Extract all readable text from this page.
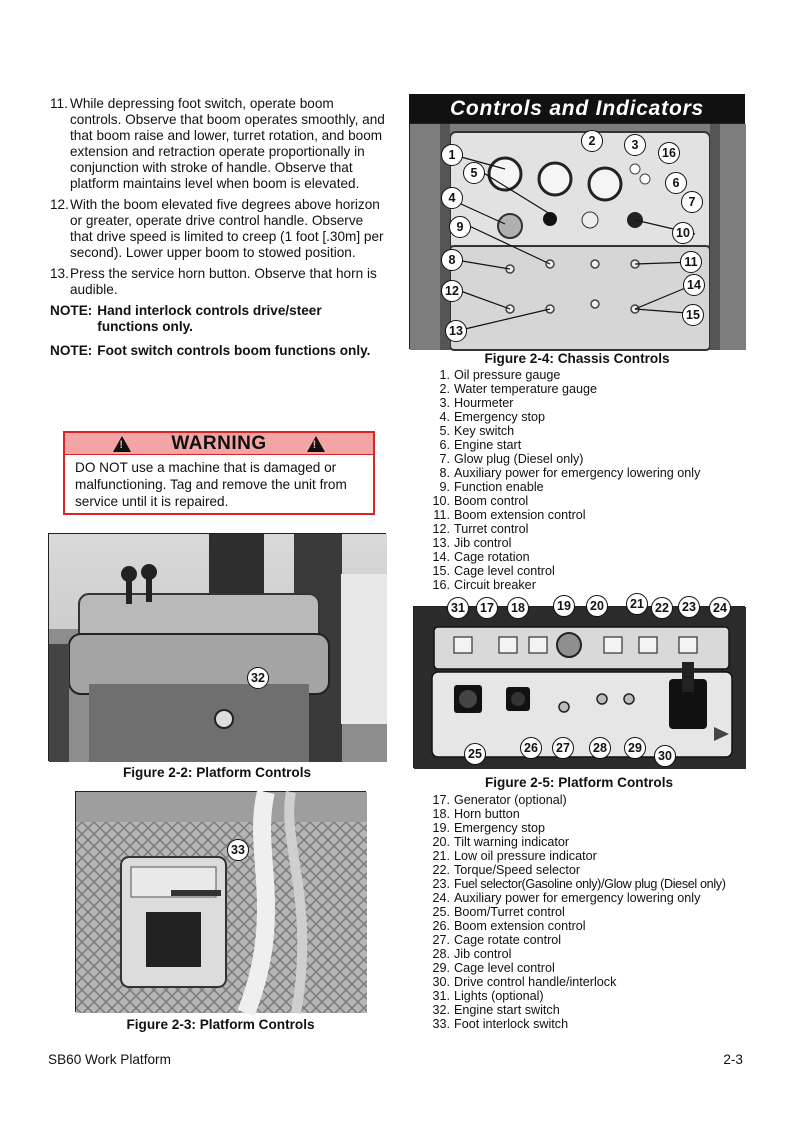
11. While depressing foot switch, operate boom controls. Observe that boom operates smoothly, and that boom raise and lower, turret rotation, and boom extension and retraction operate proportionally in conjunction with stroke of handle. Observe that platform maintains level when boom is elevated.
12. With the boom elevated five degrees above horizon or greater, operate drive control handle. Observe that drive speed is limited to creep (1 foot [.30m] per second). Lower upper boom to stowed position.
13. Press the service horn button. Observe that horn is audible.
NOTE: Hand interlock controls drive/steer functions only.
NOTE: Foot switch controls boom functions only.
!
WARNING
!
DO NOT use a machine that is damaged or malfunctioning. Tag and remove the unit from service until it is repaired.
32
Figure 2-2: Platform Controls
33
Figure 2-3: Platform Controls
Controls and Indicators
1
2	3
16
5
6
4	7
9	10
8	11
12	14
15
13
Figure 2-4: Chassis Controls
1. Oil pressure gauge
2. Water temperature gauge
3. Hourmeter
4. Emergency stop
5. Key switch
6. Engine start
7. Glow plug (Diesel only)
8. Auxiliary power for emergency lowering only
9. Function enable
10. Boom control
11. Boom extension control
12. Turret control
13. Jib control
14. Cage rotation
15. Cage level control
16. Circuit breaker
31	17	18	19	20	21 22	23	24
25	26	27	28	29
30
Figure 2-5: Platform Controls
17. Generator (optional)
18. Horn button
19. Emergency stop
20. Tilt warning indicator
21. Low oil pressure indicator
22. Torque/Speed selector
23. Fuel selector(Gasoline only)/Glow plug (Diesel only)
24. Auxiliary power for emergency lowering only
25. Boom/Turret control
26. Boom extension control
27. Cage rotate control
28. Jib control
29. Cage level control
30. Drive control handle/interlock
31. Lights (optional)
32. Engine start switch
33. Foot interlock switch
SB60 Work Platform	2-3
